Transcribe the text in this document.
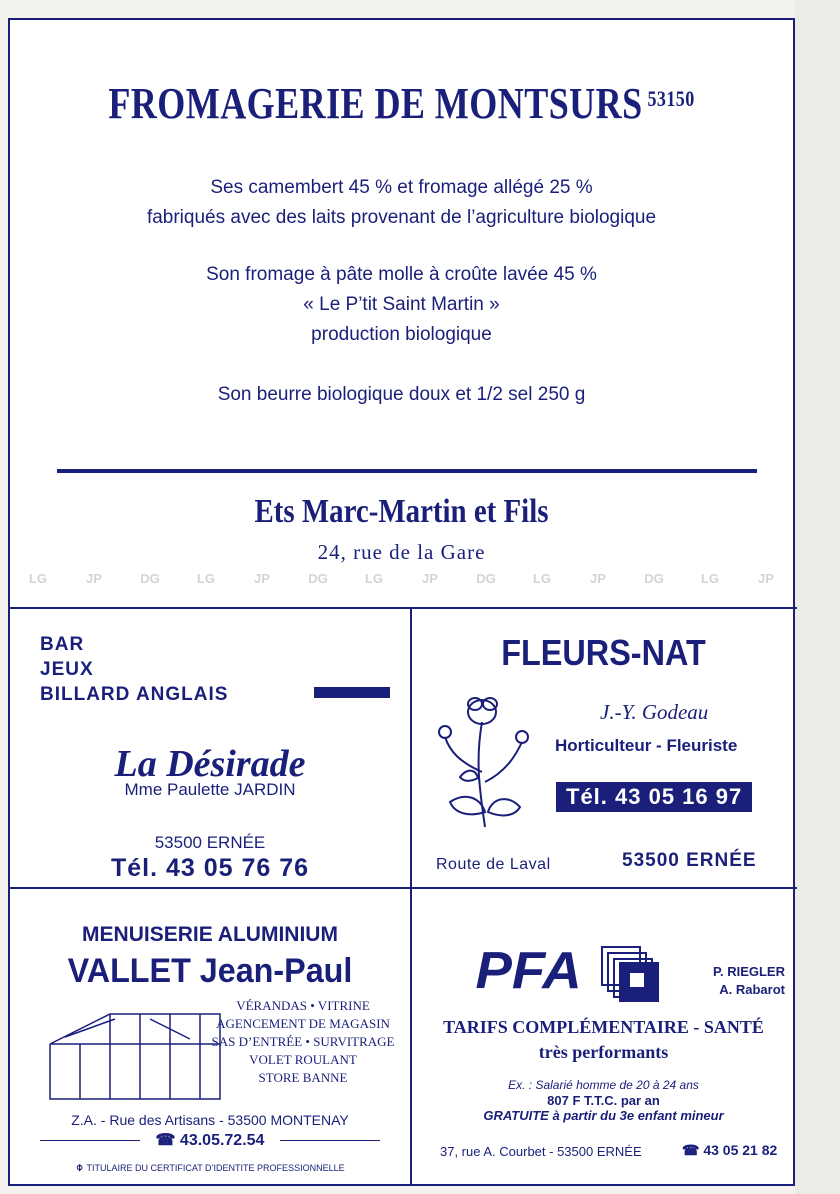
FROMAGERIE DE MONTSURS $^{53150}$
Ses camembert 45 % et fromage allégé 25 %
fabriqués avec des laits provenant de l’agriculture biologique
Son fromage à pâte molle à croûte lavée 45 %
« Le P’tit Saint Martin »
production biologique
Son beurre biologique doux et 1/2 sel 250 g
Ets Marc-Martin et Fils
24, rue de la Gare
LG	JP	DG	LG	JP	DG	LG	JP	DG	LG	JP	DG	LG	JP
BAR
JEUX
BILLARD ANGLAIS
La Désirade
Mme Paulette JARDIN
53500 ERNÉE
Tél. 43 05 76 76
FLEURS-NAT
J.-Y. Godeau
Horticulteur - Fleuriste
Tél. 43 05 16 97
Route de Laval	53500 ERNÉE
MENUISERIE ALUMINIUM
VALLET Jean-Paul
VÉRANDAS • VITRINE
AGENCEMENT DE MAGASIN
SAS D’ENTRÉE • SURVITRAGE
VOLET ROULANT
STORE BANNE
Z.A. - Rue des Artisans - 53500 MONTENAY
☎ 43.05.72.54
⌽ TITULAIRE DU CERTIFICAT D’IDENTITE PROFESSIONNELLE
PFA	P. RIEGLER
A. Rabarot
TARIFS COMPLÉMENTAIRE - SANTÉ
très performants
Ex. : Salarié homme de 20 à 24 ans
807 F T.T.C. par an
GRATUITE à partir du 3e enfant mineur
37, rue A. Courbet - 53500 ERNÉE	☎ 43 05 21 82
